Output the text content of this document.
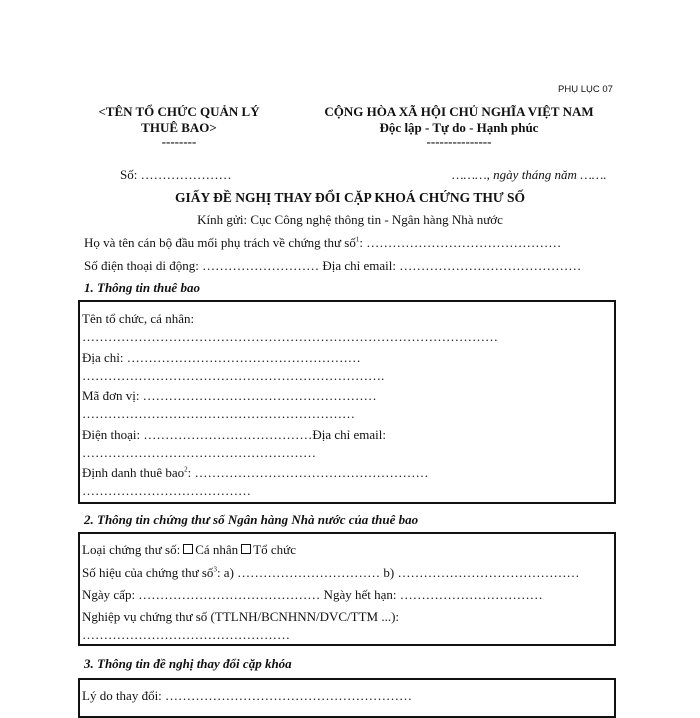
PHỤ LỤC 07
<TÊN TỔ CHỨC QUẢN LÝ
THUÊ BAO>
--------
CỘNG HÒA XÃ HỘI CHỦ NGHĨA VIỆT NAM
Độc lập - Tự do - Hạnh phúc
---------------
Số: …………………	………, ngày tháng năm …….
GIẤY ĐỀ NGHỊ THAY ĐỔI CẶP KHOÁ CHỨNG THƯ SỐ
Kính gửi: Cục Công nghệ thông tin - Ngân hàng Nhà nước
Họ và tên cán bộ đầu mối phụ trách về chứng thư số$^1$: ………………………………………
Số điện thoại di động: ……………………… Địa chỉ email: ……………………………………
1. Thông tin thuê bao
Tên tổ chức, cá nhân:
……………………………………………………………………………………
Địa chỉ: ………………………………………………
…………………………………………………………….
Mã đơn vị: ………………………………………………
………………………………………………………
Điện thoại: …………………………………Địa chỉ email:
………………………………………………
Định danh thuê bao$^2$: ………………………………………………
…………………………………
2. Thông tin chứng thư số Ngân hàng Nhà nước của thuê bao
Loại chứng thư số: Cá nhân Tổ chức
Số hiệu của chứng thư số$^3$: a) …………………………… b) ……………………………………
Ngày cấp: …………………………………… Ngày hết hạn: ……………………………
Nghiệp vụ chứng thư số (TTLNH/BCNHNN/DVC/TTM ...):
…………………………………………
3. Thông tin đề nghị thay đổi cặp khóa
Lý do thay đổi: …………………………………………………
